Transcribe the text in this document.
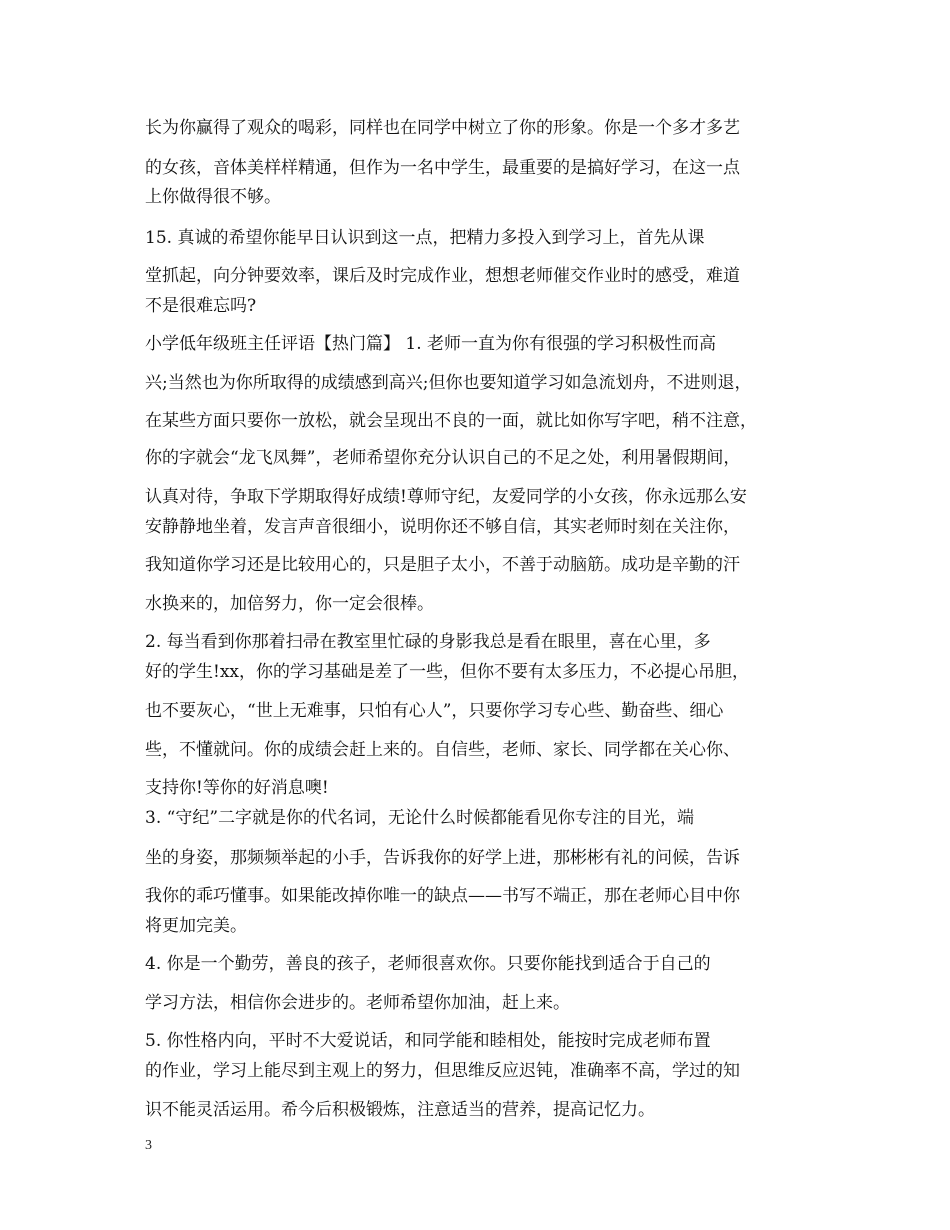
长为你赢得了观众的喝彩，同样也在同学中树立了你的形象。你是一个多才多艺
的女孩，音体美样样精通，但作为一名中学生，最重要的是搞好学习，在这一点
上你做得很不够。
15. 真诚的希望你能早日认识到这一点，把精力多投入到学习上，首先从课
堂抓起，向分钟要效率，课后及时完成作业，想想老师催交作业时的感受，难道
不是很难忘吗?
小学低年级班主任评语【热门篇】 1. 老师一直为你有很强的学习积极性而高
兴;当然也为你所取得的成绩感到高兴;但你也要知道学习如急流划舟，不进则退，
在某些方面只要你一放松，就会呈现出不良的一面，就比如你写字吧，稍不注意，
你的字就会“龙飞凤舞”，老师希望你充分认识自己的不足之处，利用暑假期间，
认真对待，争取下学期取得好成绩!尊师守纪，友爱同学的小女孩，你永远那么安
安静静地坐着，发言声音很细小，说明你还不够自信，其实老师时刻在关注你，
我知道你学习还是比较用心的，只是胆子太小，不善于动脑筋。成功是辛勤的汗
水换来的，加倍努力，你一定会很棒。
2. 每当看到你那着扫帚在教室里忙碌的身影我总是看在眼里，喜在心里，多
好的学生!xx，你的学习基础是差了一些，但你不要有太多压力，不必提心吊胆，
也不要灰心，“世上无难事，只怕有心人”，只要你学习专心些、勤奋些、细心
些，不懂就问。你的成绩会赶上来的。自信些，老师、家长、同学都在关心你、
支持你!等你的好消息噢!
3. “守纪”二字就是你的代名词，无论什么时候都能看见你专注的目光，端
坐的身姿，那频频举起的小手，告诉我你的好学上进，那彬彬有礼的问候，告诉
我你的乖巧懂事。如果能改掉你唯一的缺点——书写不端正，那在老师心目中你
将更加完美。
4. 你是一个勤劳，善良的孩子，老师很喜欢你。只要你能找到适合于自己的
学习方法，相信你会进步的。老师希望你加油，赶上来。
5. 你性格内向，平时不大爱说话，和同学能和睦相处，能按时完成老师布置
的作业，学习上能尽到主观上的努力，但思维反应迟钝，准确率不高，学过的知
识不能灵活运用。希今后积极锻炼，注意适当的营养，提高记忆力。
3
